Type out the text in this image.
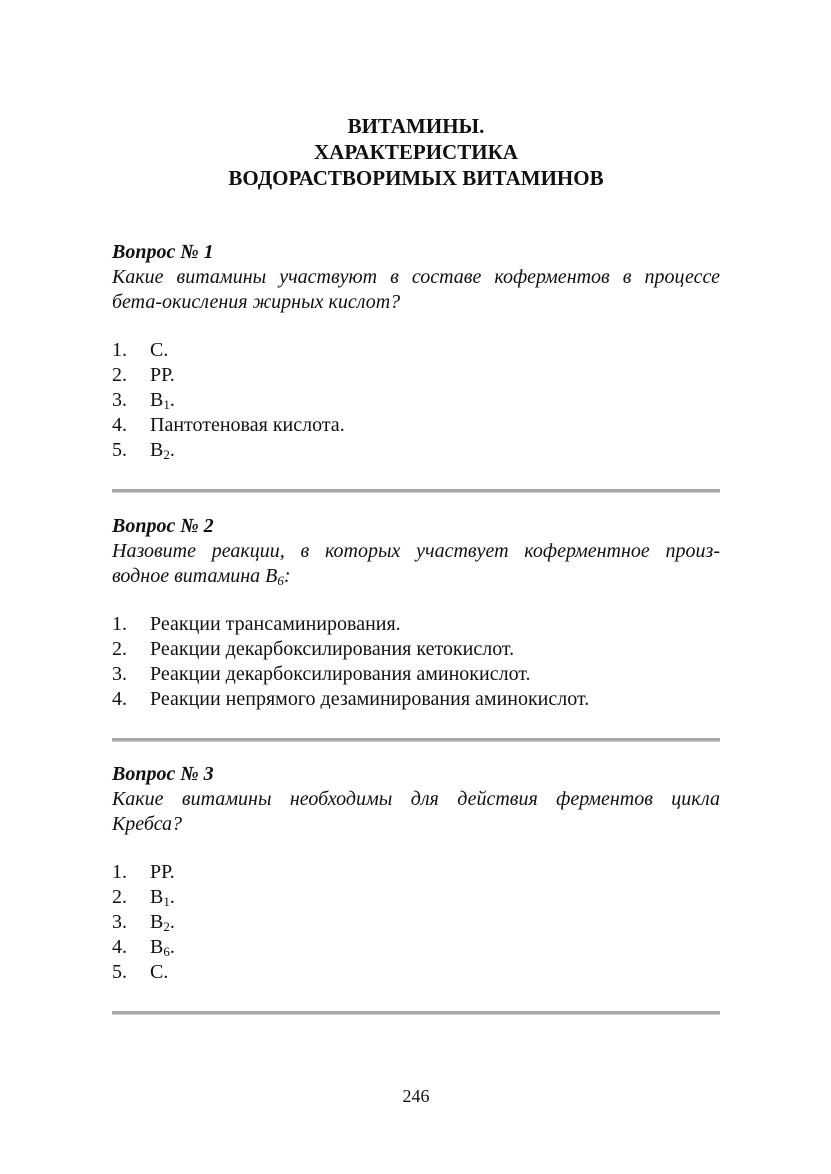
ВИТАМИНЫ.
ХАРАКТЕРИСТИКА
ВОДОРАСТВОРИМЫХ ВИТАМИНОВ
Вопрос № 1
Какие витамины участвуют в составе коферментов в процессе
бета-окисления жирных кислот?
1. С.
2. РР.
3. $В_1$.
4. Пантотеновая кислота.
5. $В_2$.
Вопрос № 2
Назовите реакции, в которых участвует коферментное произ-
водное витамина $В_6$:
1. Реакции трансаминирования.
2. Реакции декарбоксилирования кетокислот.
3. Реакции декарбоксилирования аминокислот.
4. Реакции непрямого дезаминирования аминокислот.
Вопрос № 3
Какие витамины необходимы для действия ферментов цикла
Кребса?
1. РР.
2. $В_1$.
3. $В_2$.
4. $В_6$.
5. С.
246
